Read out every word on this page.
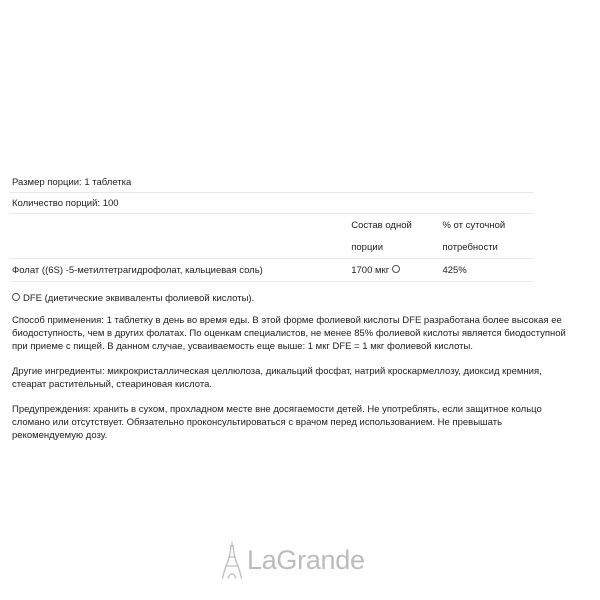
Размер порции: 1 таблетка		
Количество порций: 100		
	Состав одной	% от суточной
	порции	потребности
Фолат ((6S) -5-метилтетрагидрофолат, кальциевая соль)	1700 мкг	425%
DFE (диетические эквиваленты фолиевой кислоты).

Способ применения: 1 таблетку в день во время еды. В этой форме фолиевой кислоты DFE разработана более высокая ее
биодоступность, чем в других фолатах. По оценкам специалистов, не менее 85% фолиевой кислоты является биодоступной
при приеме с пищей. В данном случае, усваиваемость еще выше: 1 мкг DFE = 1 мкг фолиевой кислоты.

Другие ингредиенты: микрокристаллическая целлюлоза, дикальций фосфат, натрий кроскармеллозу, диоксид кремния,
стеарат растительный, стеариновая кислота.

Предупреждения: хранить в сухом, прохладном месте вне досягаемости детей. Не употреблять, если защитное кольцо
сломано или отсутствует. Обязательно проконсультироваться с врачом перед использованием. Не превышать
рекомендуемую дозу.

LaGrande
